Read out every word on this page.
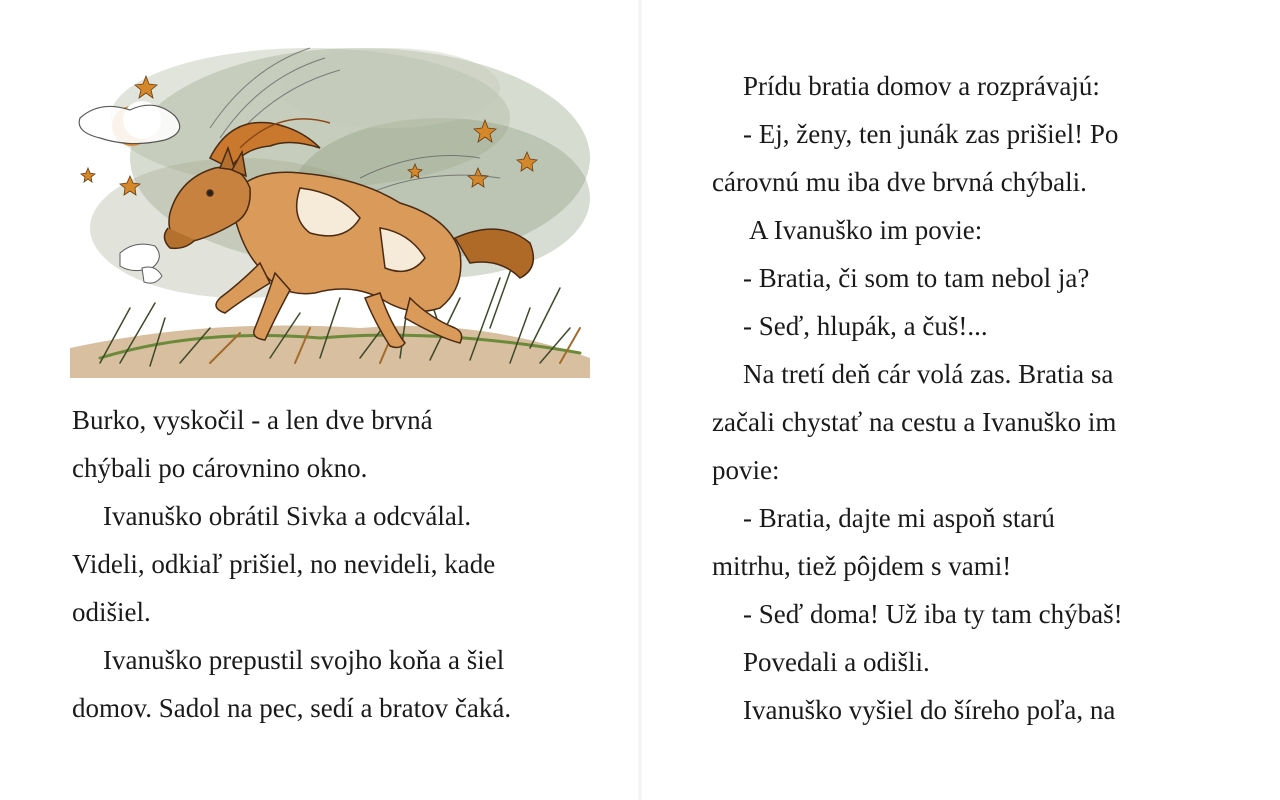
Burko, vyskočil - a len dve brvná
chýbali po cárovnino okno.
Ivanuško obrátil Sivka a odcválal.
Videli, odkiaľ prišiel, no nevideli, kade
odišiel.
Ivanuško prepustil svojho koňa a šiel
domov. Sadol na pec, sedí a bratov čaká.
Prídu bratia domov a rozprávajú:
- Ej, ženy, ten junák zas prišiel! Po
cárovnú mu iba dve brvná chýbali.
A Ivanuško im povie:
- Bratia, či som to tam nebol ja?
- Seď, hlupák, a čuš!...
Na tretí deň cár volá zas. Bratia sa
začali chystať na cestu a Ivanuško im
povie:
- Bratia, dajte mi aspoň starú
mitrhu, tiež pôjdem s vami!
- Seď doma! Už iba ty tam chýbaš!
Povedali a odišli.
Ivanuško vyšiel do šíreho poľa, na
